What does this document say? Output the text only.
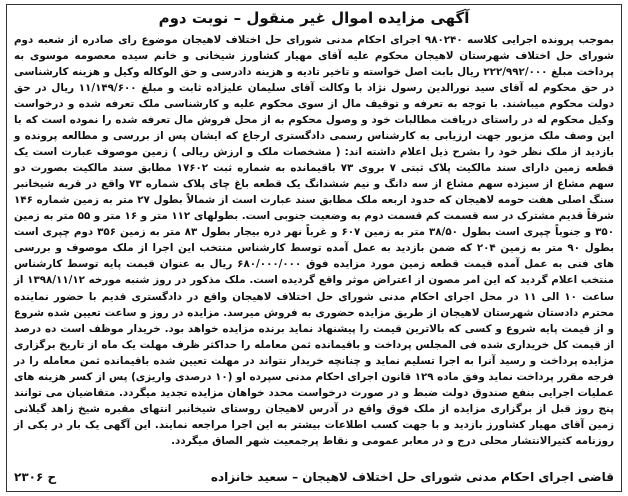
آگهی مزایده اموال غیر منقول – نوبت دوم

بموجب پرونده اجرایی کلاسه ۹۸۰۲۴۰ اجرای احکام مدنی شورای حل اختلاف لاهیجان موضوع رای صادره از شعبه دوم شورای حل اختلاف شهرستان لاهیجان محکوم علیه آقای مهیار کشاورز شیخانی و خانم سیده معصومه موسوی به پرداخت مبلغ ۲۲۲/۹۹۲/۰۰۰ ریال بابت اصل خواسته و تاخیر تادیه و هزینه دادرسی و حق الوکاله وکیل و هزینه کارشناسی در حق محکوم له آقای سید نورالدین رسول نژاد با وکالت آقای سلیمان علیزاده ثابت و مبلغ ۱۱/۱۴۹/۶۰۰ ریال در حق دولت محکوم میباشند. با توجه به تعرفه و توقیف مال از سوی محکوم علیه و کارشناسی ملک تعرفه شده و درخواست وکیل محکوم له در راستای دریافت مطالبات خود و وصول محکوم به از محل فروش مال تعرفه شده را نموده است که با این وصف ملک مزبور جهت ارزیابی به کارشناس رسمی دادگستری ارجاع که ایشان پس از بررسی و مطالعه پرونده و بازدید از ملک نظر خود را بشرح ذیل اعلام داشته اند: ( مشخصات ملک و ارزش ریالی ) زمین موصوف عبارت است یک قطعه زمین دارای سند مالکیت پلاک ثبتی ۷ بروی ۷۳ باقیمانده به شماره ثبت ۱۷۶۰۲ مطابق سند مالکیت بصورت دو سهم مشاع از سیزده سهم مشاع از سه دانگ و نیم ششدانگ یک قطعه باغ چای پلاک شماره ۷۳ واقع در قریه شیخانبر سنگ اصلی هفت حومه لاهیجان که حدود اربعه ملک مطابق سند عبارت است از شمالاً بطول ۲۷ متر به زمین شماره ۱۴۶ شرقاً قدیم مشترک در سه قسمت کم قسمت دوم به وضعیت جنوبی است. بطولهای ۱۱۲ متر و ۱۶ متر و ۵۵ متر به زمین ۳۵۰ و جنوباً چپری است بطول ۳۸/۵۰ متر به زمین ۶۰۷ و غرباً نهر دره بیجار بطول ۸۳ متر به زمین ۳۵۶ دوم چپری است بطول ۹۰ متر به زمین ۲۰۴ که ضمن بازدید به عمل آمده توسط کارشناس منتخب این اجرا از ملک موصوف و بررسی های فنی به عمل آمده قیمت قطعه زمین مورد مزایده فوق ۶۸۰/۰۰۰/۰۰۰ ریال به عنوان قیمت پایه توسط کارشناس منتخب اعلام گردید که این امر مصون از اعتراض موثر واقع گردیده است. ملک مذکور در روز شنبه مورخه ۱۳۹۸/۱۱/۱۲ از ساعت ۱۰ الی ۱۱ در محل اجرای احکام مدنی شورای حل اختلاف لاهیجان واقع در دادگستری قدیم با حضور نماینده محترم دادستان شهرستان لاهیجان از طریق مزایده حضوری به فروش میرسد. مزایده در روز و ساعت تعیین شده شروع و از قیمت پایه شروع و کسی که بالاترین قیمت را پیشنهاد نماید برنده مزایده خواهد بود. خریدار موظف است ده درصد از قیمت کل خریداری شده فی المجلس پرداخت و باقیمانده ثمن معامله را حداکثر ظرف مهلت یک ماه از تاریخ برگزاری مزایده پرداخت و رسید آنرا به اجرا تسلیم نماید و چنانچه خریدار نتواند در مهلت تعیین شده باقیمانده ثمن معامله را در فرجه مقرر پرداخت نماید وفق ماده ۱۲۹ قانون اجرای احکام مدنی سپرده او (۱۰ درصدی واریزی) پس از کسر هزینه های عملیات اجرایی بنفع صندوق دولت ضبط و در صورت درخواست محدد خواهان مزایده تجدید میگردد. متقاضیان می توانند پنج روز قبل از برگزاری مزایده از ملک فوق واقع در آدرس لاهیجان روستای شیخانبر انتهای مقبره شیخ زاهد گیلانی زمین آقای مهیار کشاورز بازدید و با جهت کسب اطلاعات بیشتر به این اجرا مراجعه نمایند. این آگهی یک بار در یکی از روزنامه کثیرالانتشار محلی درج و در معابر عمومی و نقاط پرجمعیت شهر الصاق میگردد.

قاضی اجرای احکام مدنی شورای حل اختلاف لاهیجان – سعید خانزاده
ح ۲۳۰۶
